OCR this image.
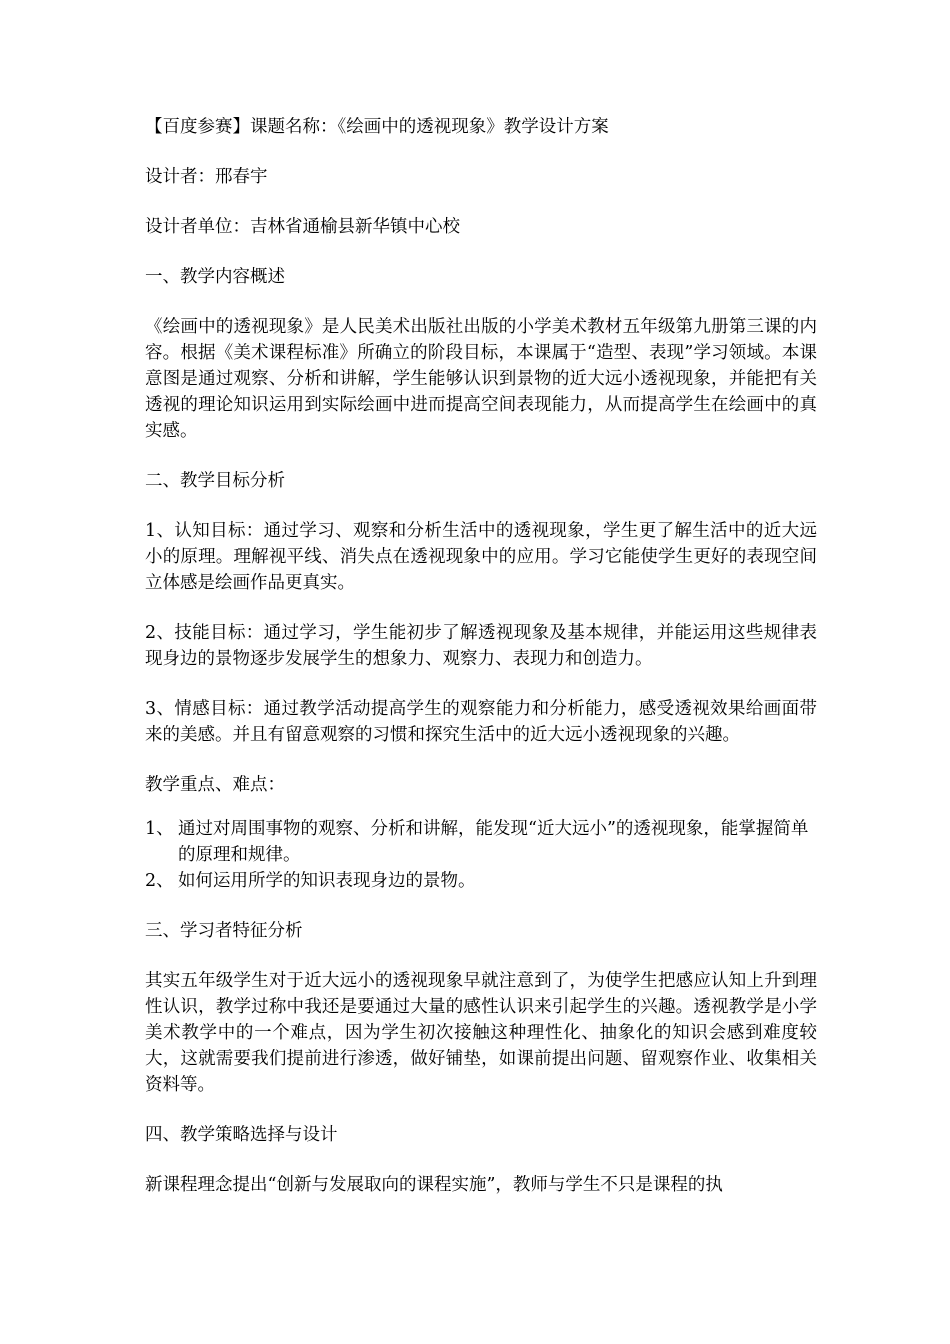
【百度参赛】课题名称：《绘画中的透视现象》教学设计方案

设计者：邢春宇

设计者单位：吉林省通榆县新华镇中心校

一、教学内容概述

《绘画中的透视现象》是人民美术出版社出版的小学美术教材五年级第九册第三课的内容。根据《美术课程标准》所确立的阶段目标，本课属于“造型、表现”学习领域。本课意图是通过观察、分析和讲解，学生能够认识到景物的近大远小透视现象，并能把有关透视的理论知识运用到实际绘画中进而提高空间表现能力，从而提高学生在绘画中的真实感。

二、教学目标分析

1、认知目标：通过学习、观察和分析生活中的透视现象，学生更了解生活中的近大远小的原理。理解视平线、消失点在透视现象中的应用。学习它能使学生更好的表现空间立体感是绘画作品更真实。

2、技能目标：通过学习，学生能初步了解透视现象及基本规律，并能运用这些规律表现身边的景物逐步发展学生的想象力、观察力、表现力和创造力。

3、情感目标：通过教学活动提高学生的观察能力和分析能力，感受透视效果给画面带来的美感。并且有留意观察的习惯和探究生活中的近大远小透视现象的兴趣。

教学重点、难点：

1、 通过对周围事物的观察、分析和讲解，能发现“近大远小”的透视现象，能掌握简单的原理和规律。
2、 如何运用所学的知识表现身边的景物。

三、学习者特征分析

其实五年级学生对于近大远小的透视现象早就注意到了，为使学生把感应认知上升到理性认识，教学过称中我还是要通过大量的感性认识来引起学生的兴趣。透视教学是小学美术教学中的一个难点，因为学生初次接触这种理性化、抽象化的知识会感到难度较大，这就需要我们提前进行渗透，做好铺垫，如课前提出问题、留观察作业、收集相关资料等。

四、教学策略选择与设计

新课程理念提出“创新与发展取向的课程实施”，教师与学生不只是课程的执
